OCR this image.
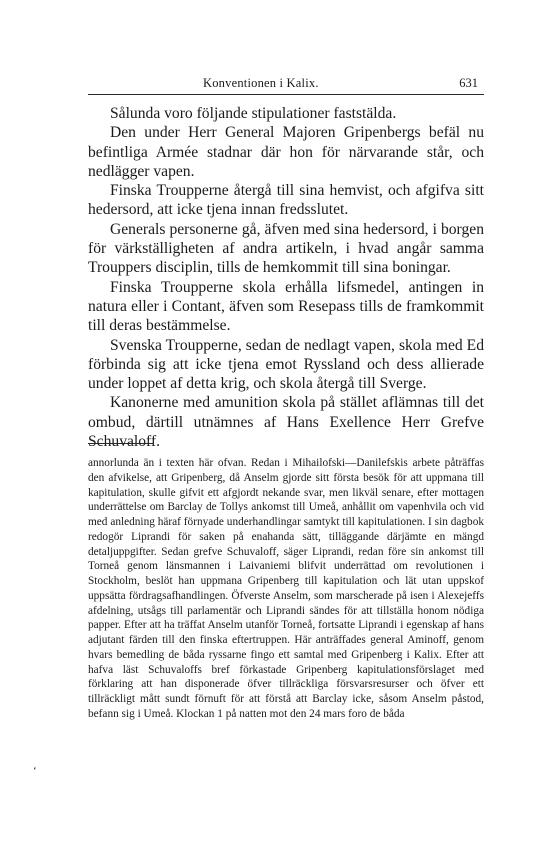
Konventionen i Kalix.	631

Sålunda voro följande stipulationer faststälda.

Den under Herr General Majoren Gripenbergs befäl nu befintliga Armée stadnar där hon för närvarande står, och nedlägger vapen.

Finska Troupperne återgå till sina hemvist, och afgifva sitt hedersord, att icke tjena innan fredsslutet.

Generals personerne gå, äfven med sina hedersord, i borgen för värkställigheten af andra artikeln, i hvad angår samma Trouppers disciplin, tills de hemkommit till sina boningar.

Finska Troupperne skola erhålla lifsmedel, antingen in natura eller i Contant, äfven som Resepass tills de framkommit till deras bestämmelse.

Svenska Troupperne, sedan de nedlagt vapen, skola med Ed förbinda sig att icke tjena emot Ryssland och dess allierade under loppet af detta krig, och skola återgå till Sverge.

Kanonerne med amunition skola på stället aflämnas till det ombud, därtill utnämnes af Hans Exellence Herr Grefve Schuvaloff.

annorlunda än i texten här ofvan. Redan i Mihailofski—Danilefskis arbete påträffas den afvikelse, att Gripenberg, då Anselm gjorde sitt första besök för att uppmana till kapitulation, skulle gifvit ett afgjordt nekande svar, men likväl senare, efter mottagen underrättelse om Barclay de Tollys ankomst till Umeå, anhållit om vapenhvila och vid med anledning häraf förnyade underhandlingar samtykt till kapitulationen. I sin dagbok redogör Liprandi för saken på enahanda sätt, tilläggande därjämte en mängd detaljuppgifter. Sedan grefve Schuvaloff, säger Liprandi, redan före sin ankomst till Torneå genom länsmannen i Laivaniemi blifvit underrättad om revolutionen i Stockholm, beslöt han uppmana Gripenberg till kapitulation och lät utan uppskof uppsätta fördragsafhandlingen. Öfverste Anselm, som marscherade på isen i Alexejeffs afdelning, utsågs till parlamentär och Liprandi sändes för att tillställa honom nödiga papper. Efter att ha träffat Anselm utanför Torneå, fortsatte Liprandi i egenskap af hans adjutant färden till den finska eftertruppen. Här anträffades general Aminoff, genom hvars bemedling de båda ryssarne fingo ett samtal med Gripenberg i Kalix. Efter att hafva läst Schuvaloffs bref förkastade Gripenberg kapitulationsförslaget med förklaring att han disponerade öfver tillräckliga försvarsresurser och öfver ett tillräckligt mått sundt förnuft för att förstå att Barclay icke, såsom Anselm påstod, befann sig i Umeå. Klockan 1 på natten mot den 24 mars foro de båda

ʻ
